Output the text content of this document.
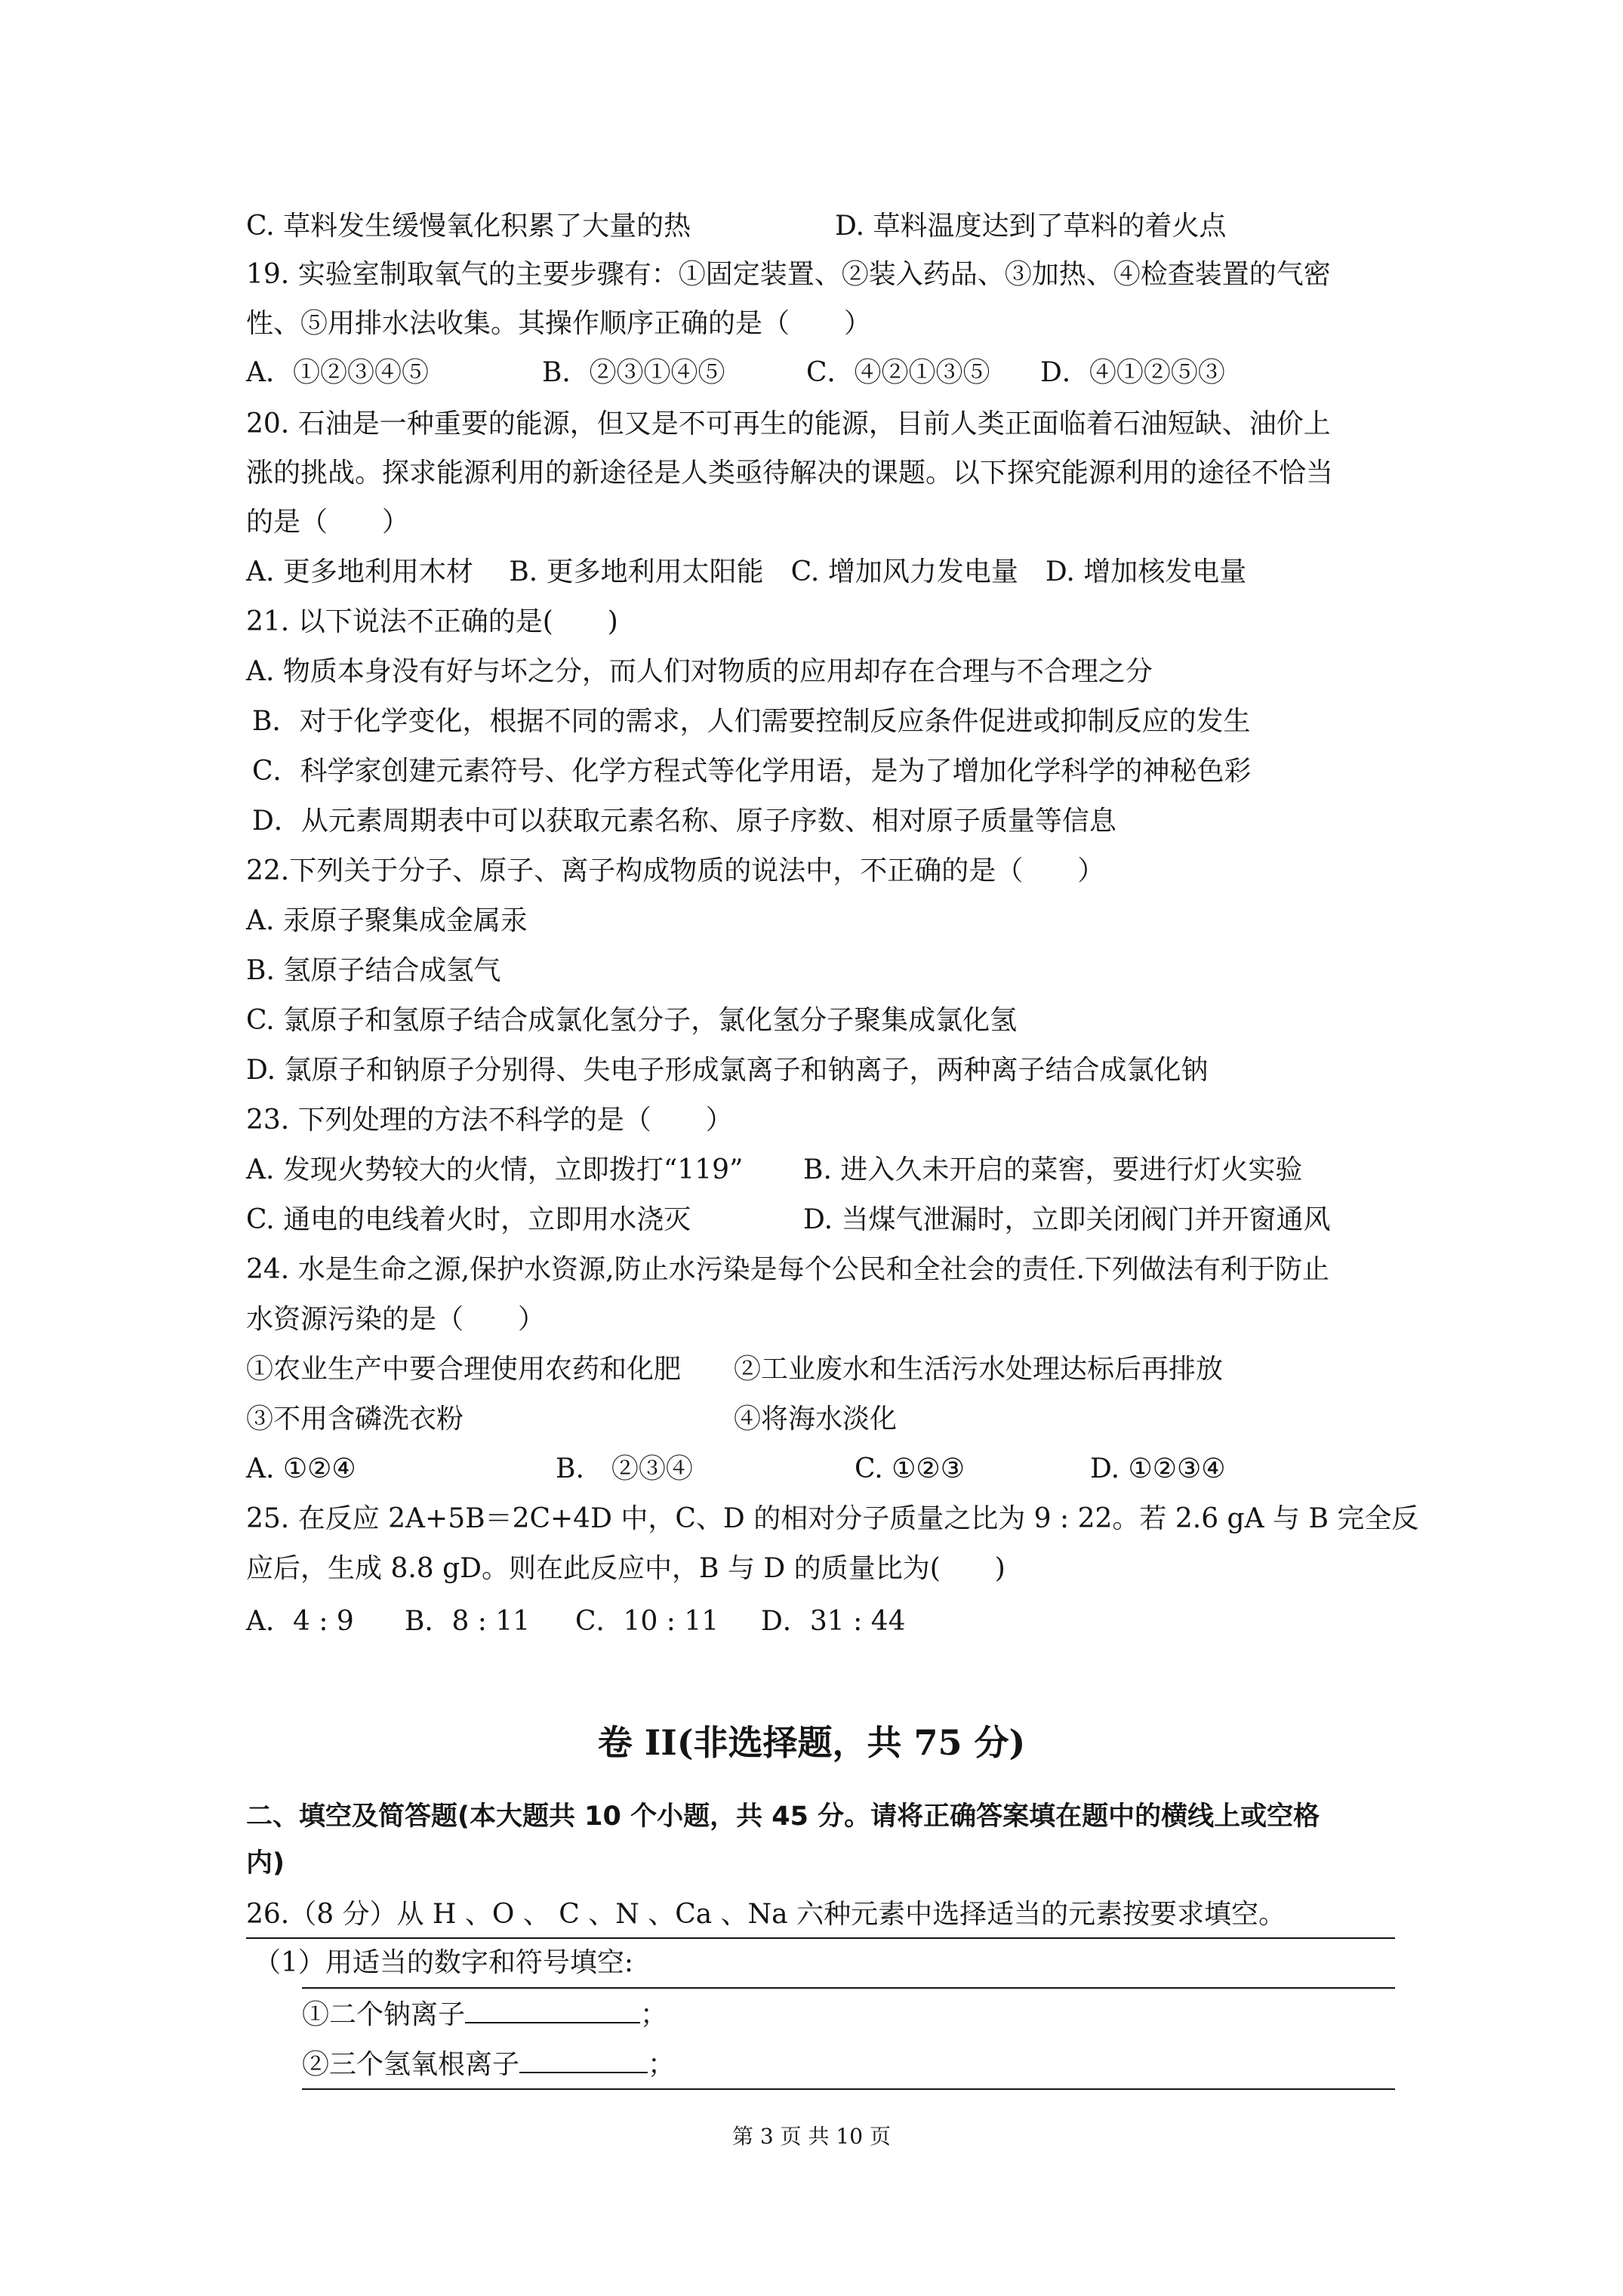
C. 草料发生缓慢氧化积累了大量的热	D. 草料温度达到了草料的着火点
19. 实验室制取氧气的主要步骤有：①固定装置、②装入药品、③加热、④检查装置的气密
性、⑤用排水法收集。其操作顺序正确的是（　　）
A．①②③④⑤	B．②③①④⑤	C．④②①③⑤ D．④①②⑤③
20. 石油是一种重要的能源，但又是不可再生的能源，目前人类正面临着石油短缺、油价上
涨的挑战。探求能源利用的新途径是人类亟待解决的课题。以下探究能源利用的途径不恰当
的是（　　）
A. 更多地利用木材　 B. 更多地利用太阳能　C. 增加风力发电量　D. 增加核发电量
21. 以下说法不正确的是(　　)
A. 物质本身没有好与坏之分，而人们对物质的应用却存在合理与不合理之分
B．对于化学变化，根据不同的需求，人们需要控制反应条件促进或抑制反应的发生
C．科学家创建元素符号、化学方程式等化学用语，是为了增加化学科学的神秘色彩
D．从元素周期表中可以获取元素名称、原子序数、相对原子质量等信息
22.下列关于分子、原子、离子构成物质的说法中，不正确的是（　　）
A. 汞原子聚集成金属汞
B. 氢原子结合成氢气
C. 氯原子和氢原子结合成氯化氢分子，氯化氢分子聚集成氯化氢
D. 氯原子和钠原子分别得、失电子形成氯离子和钠离子，两种离子结合成氯化钠
23. 下列处理的方法不科学的是（　　）
A. 发现火势较大的火情，立即拨打“119” B. 进入久未开启的菜窖，要进行灯火实验
C. 通电的电线着火时，立即用水浇灭	D. 当煤气泄漏时，立即关闭阀门并开窗通风
24. 水是生命之源,保护水资源,防止水污染是每个公民和全社会的责任.下列做法有利于防止
水资源污染的是（　　）
①农业生产中要合理使用农药和化肥 ②工业废水和生活污水处理达标后再排放
③不用含磷洗衣粉	④将海水淡化
A. ①②④	B.　②③④	C. ①②③	D. ①②③④
25. 在反应 2A+5B＝2C+4D 中，C、D 的相对分子质量之比为 9 : 22。若 2.6 gA 与 B 完全反
应后，生成 8.8 gD。则在此反应中，B 与 D 的质量比为(　　)
A．4 : 9 B．8 : 11 C．10 : 11 D．31 : 44
卷 II(非选择题，共 75 分)
二、填空及简答题(本大题共 10 个小题，共 45 分。请将正确答案填在题中的横线上或空格
内)
26.（8 分）从 H 、O 、 C 、N 、Ca 、Na 六种元素中选择适当的元素按要求填空。
（1）用适当的数字和符号填空:
①二个钠离子	；
②三个氢氧根离子	；
第 3 页 共 10 页
